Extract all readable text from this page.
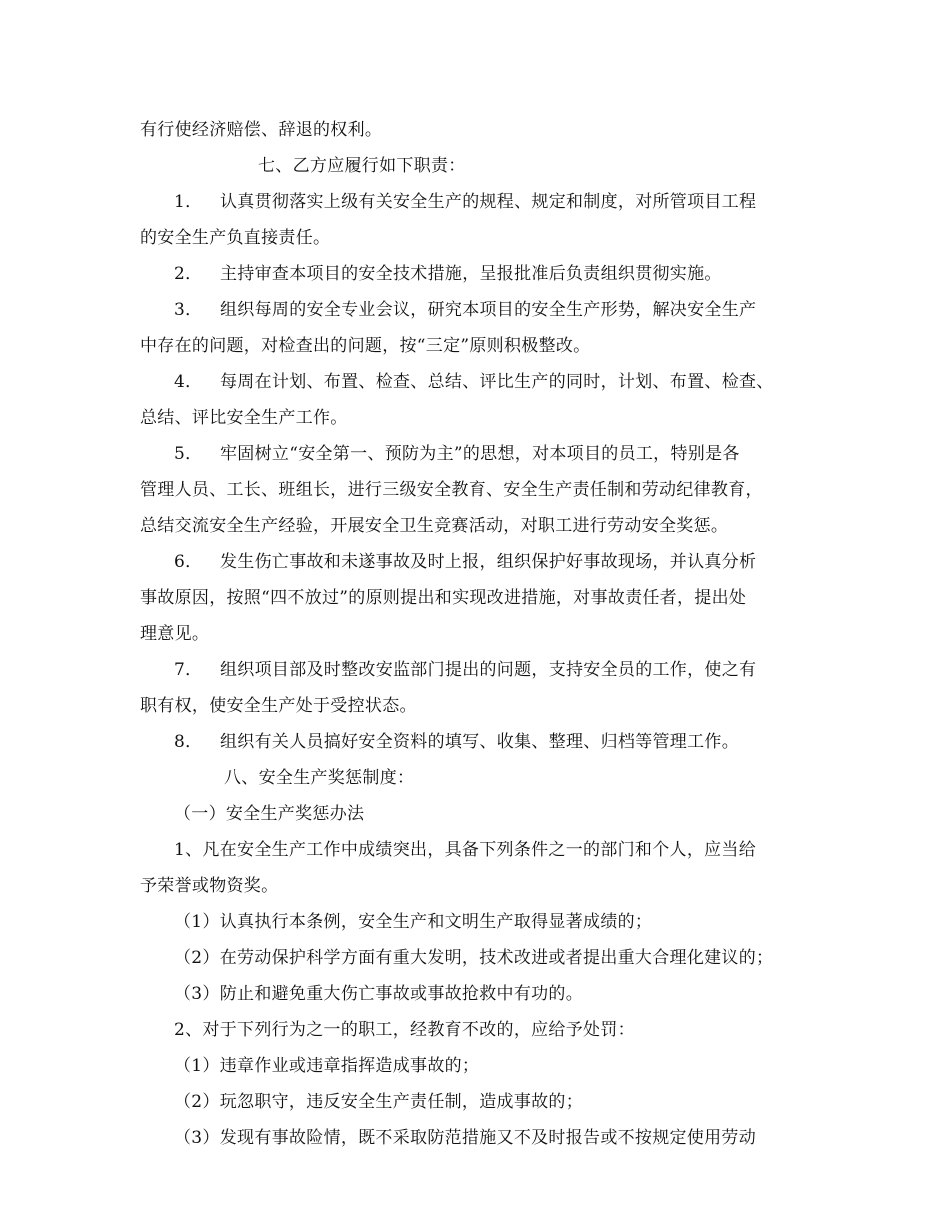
有行使经济赔偿、辞退的权利。
七、乙方应履行如下职责：
1． 认真贯彻落实上级有关安全生产的规程、规定和制度，对所管项目工程
的安全生产负直接责任。
2． 主持审查本项目的安全技术措施，呈报批准后负责组织贯彻实施。
3． 组织每周的安全专业会议，研究本项目的安全生产形势，解决安全生产
中存在的问题，对检查出的问题，按“三定”原则积极整改。
4． 每周在计划、布置、检查、总结、评比生产的同时，计划、布置、检查、
总结、评比安全生产工作。
5． 牢固树立“安全第一、预防为主”的思想，对本项目的员工，特别是各
管理人员、工长、班组长，进行三级安全教育、安全生产责任制和劳动纪律教育，
总结交流安全生产经验，开展安全卫生竞赛活动，对职工进行劳动安全奖惩。
6． 发生伤亡事故和未遂事故及时上报，组织保护好事故现场，并认真分析
事故原因，按照“四不放过”的原则提出和实现改进措施，对事故责任者，提出处
理意见。
7． 组织项目部及时整改安监部门提出的问题，支持安全员的工作，使之有
职有权，使安全生产处于受控状态。
8． 组织有关人员搞好安全资料的填写、收集、整理、归档等管理工作。
八、安全生产奖惩制度：
（一）安全生产奖惩办法
1、凡在安全生产工作中成绩突出，具备下列条件之一的部门和个人，应当给
予荣誉或物资奖。
（1）认真执行本条例，安全生产和文明生产取得显著成绩的；
（2）在劳动保护科学方面有重大发明，技术改进或者提出重大合理化建议的；
（3）防止和避免重大伤亡事故或事故抢救中有功的。
2、对于下列行为之一的职工，经教育不改的，应给予处罚：
（1）违章作业或违章指挥造成事故的；
（2）玩忽职守，违反安全生产责任制，造成事故的；
（3）发现有事故险情，既不采取防范措施又不及时报告或不按规定使用劳动
